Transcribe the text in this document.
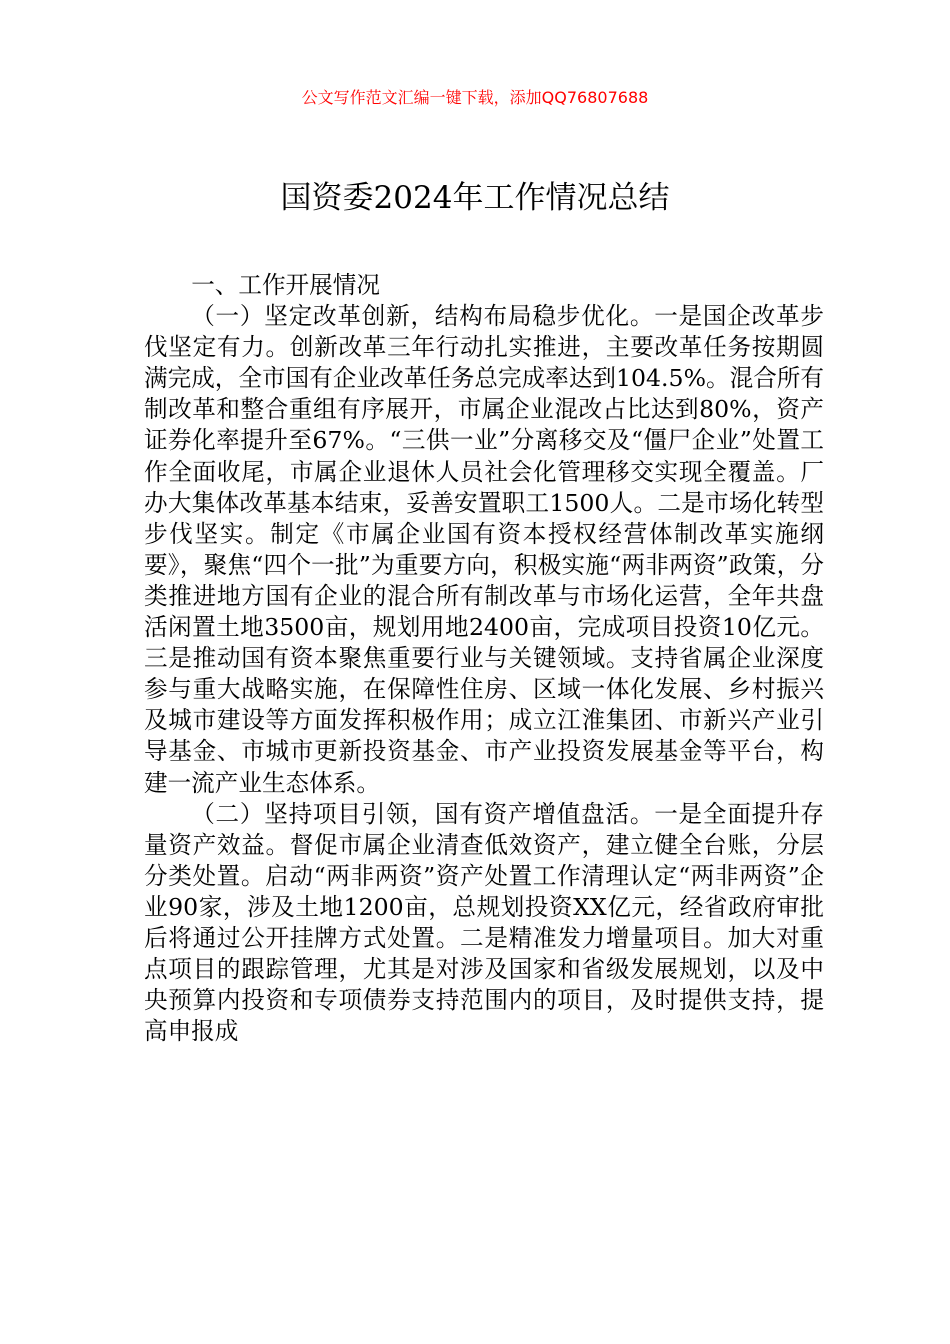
公文写作范文汇编一键下载，添加QQ76807688
国资委2024年工作情况总结

一、工作开展情况

（一）坚定改革创新，结构布局稳步优化。一是国企改革步伐坚定有力。创新改革三年行动扎实推进，主要改革任务按期圆满完成，全市国有企业改革任务总完成率达到104.5%。混合所有制改革和整合重组有序展开，市属企业混改占比达到80%，资产证券化率提升至67%。“三供一业”分离移交及“僵尸企业”处置工作全面收尾，市属企业退休人员社会化管理移交实现全覆盖。厂办大集体改革基本结束，妥善安置职工1500人。二是市场化转型步伐坚实。制定《市属企业国有资本授权经营体制改革实施纲要》，聚焦“四个一批”为重要方向，积极实施“两非两资”政策，分类推进地方国有企业的混合所有制改革与市场化运营，全年共盘活闲置土地3500亩，规划用地2400亩，完成项目投资10亿元。三是推动国有资本聚焦重要行业与关键领域。支持省属企业深度参与重大战略实施，在保障性住房、区域一体化发展、乡村振兴及城市建设等方面发挥积极作用；成立江淮集团、市新兴产业引导基金、市城市更新投资基金、市产业投资发展基金等平台，构建一流产业生态体系。

（二）坚持项目引领，国有资产增值盘活。一是全面提升存量资产效益。督促市属企业清查低效资产，建立健全台账，分层分类处置。启动“两非两资”资产处置工作清理认定“两非两资”企业90家，涉及土地1200亩，总规划投资XX亿元，经省政府审批后将通过公开挂牌方式处置。二是精准发力增量项目。加大对重点项目的跟踪管理，尤其是对涉及国家和省级发展规划，以及中央预算内投资和专项债券支持范围内的项目，及时提供支持，提高申报成
